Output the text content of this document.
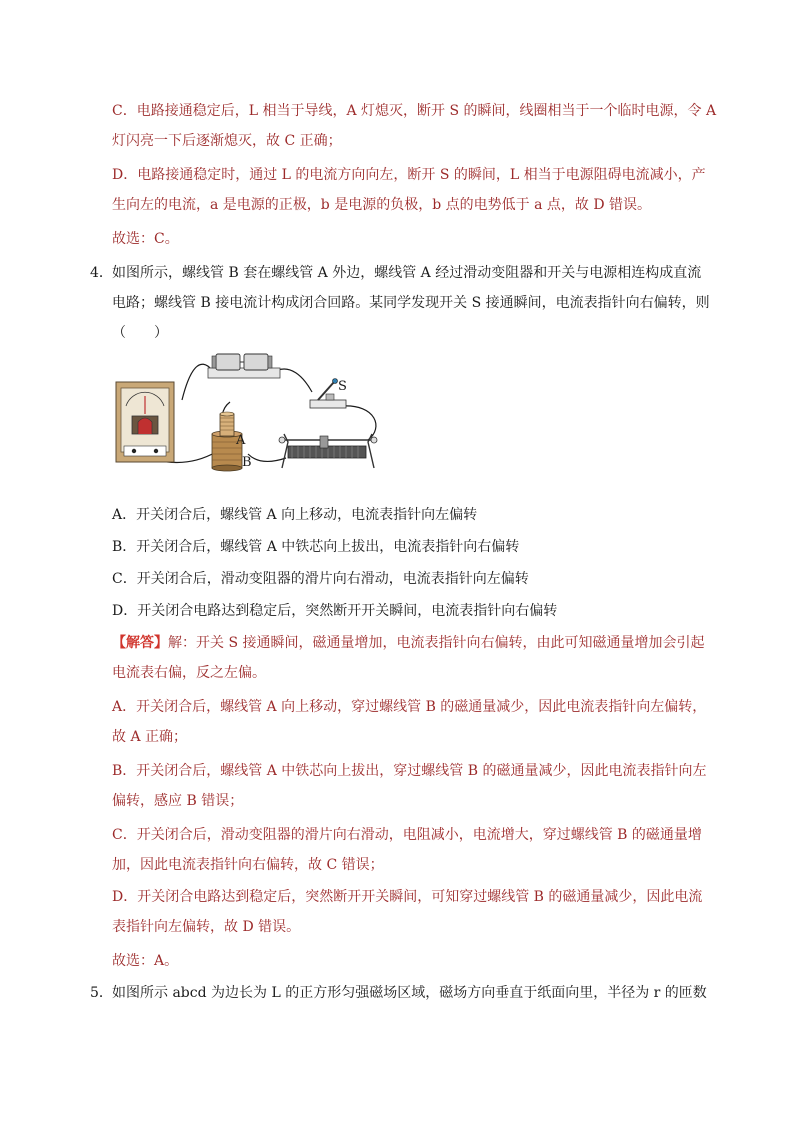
C．电路接通稳定后，L 相当于导线，A 灯熄灭，断开 S 的瞬间，线圈相当于一个临时电源，令 A
灯闪亮一下后逐渐熄灭，故 C 正确；
D．电路接通稳定时，通过 L 的电流方向向左，断开 S 的瞬间，L 相当于电源阻碍电流减小，产
生向左的电流，a 是电源的正极，b 是电源的负极，b 点的电势低于 a 点，故 D 错误。
故选：C。
4． 如图所示，螺线管 B 套在螺线管 A 外边，螺线管 A 经过滑动变阻器和开关与电源相连构成直流
电路；螺线管 B 接电流计构成闭合回路。某同学发现开关 S 接通瞬间，电流表指针向右偏转，则
（　　）
S
A
B
A．开关闭合后，螺线管 A 向上移动，电流表指针向左偏转
B．开关闭合后，螺线管 A 中铁芯向上拔出，电流表指针向右偏转
C．开关闭合后，滑动变阻器的滑片向右滑动，电流表指针向左偏转
D．开关闭合电路达到稳定后，突然断开开关瞬间，电流表指针向右偏转
【解答】解：开关 S 接通瞬间，磁通量增加，电流表指针向右偏转，由此可知磁通量增加会引起
电流表右偏，反之左偏。
A．开关闭合后，螺线管 A 向上移动，穿过螺线管 B 的磁通量减少，因此电流表指针向左偏转，
故 A 正确；
B．开关闭合后，螺线管 A 中铁芯向上拔出，穿过螺线管 B 的磁通量减少，因此电流表指针向左
偏转，感应 B 错误；
C．开关闭合后，滑动变阻器的滑片向右滑动，电阻减小，电流增大，穿过螺线管 B 的磁通量增
加，因此电流表指针向右偏转，故 C 错误；
D．开关闭合电路达到稳定后，突然断开开关瞬间，可知穿过螺线管 B 的磁通量减少，因此电流
表指针向左偏转，故 D 错误。
故选：A。
5． 如图所示 abcd 为边长为 L 的正方形匀强磁场区域，磁场方向垂直于纸面向里，半径为 r 的匝数
